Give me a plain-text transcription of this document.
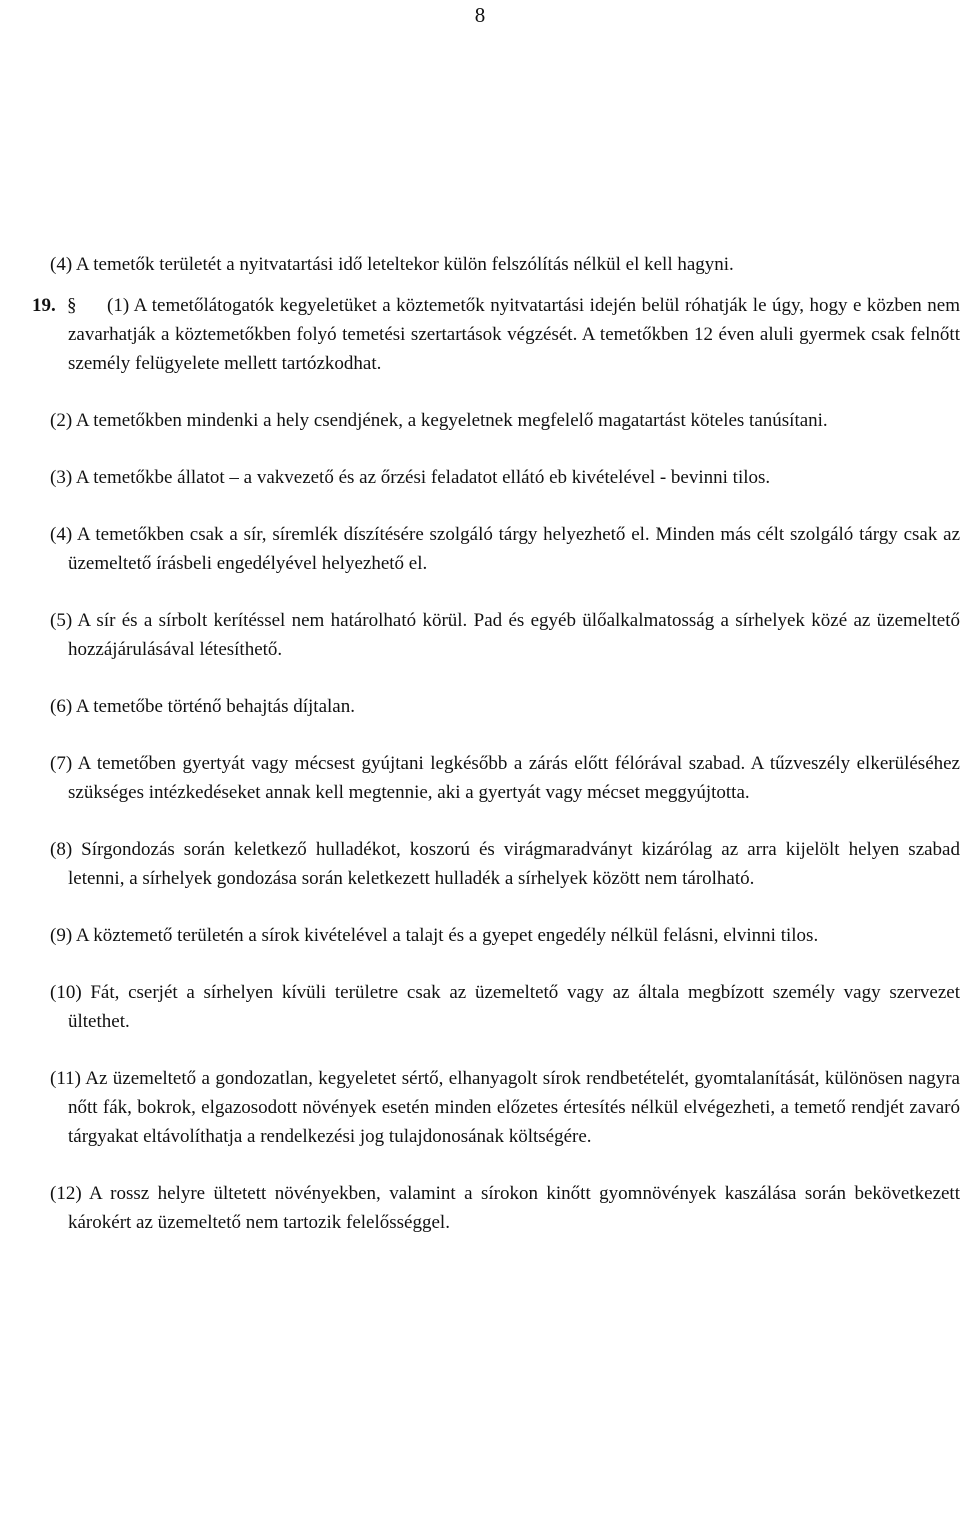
8

(4) A temetők területét a nyitvatartási idő leteltekor külön felszólítás nélkül el kell hagyni.

19. § (1) A temetőlátogatók kegyeletüket a köztemetők nyitvatartási idején belül róhatják le úgy, hogy e közben nem zavarhatják a köztemetőkben folyó temetési szertartások végzését. A temetőkben 12 éven aluli gyermek csak felnőtt személy felügyelete mellett tartózkodhat.

(2) A temetőkben mindenki a hely csendjének, a kegyeletnek megfelelő magatartást köteles tanúsítani.

(3) A temetőkbe állatot – a vakvezető és az őrzési feladatot ellátó eb kivételével - bevinni tilos.

(4) A temetőkben csak a sír, síremlék díszítésére szolgáló tárgy helyezhető el. Minden más célt szolgáló tárgy csak az üzemeltető írásbeli engedélyével helyezhető el.

(5) A sír és a sírbolt kerítéssel nem határolható körül. Pad és egyéb ülőalkalmatosság a sírhelyek közé az üzemeltető hozzájárulásával létesíthető.

(6) A temetőbe történő behajtás díjtalan.

(7) A temetőben gyertyát vagy mécsest gyújtani legkésőbb a zárás előtt félórával szabad. A tűzveszély elkerüléséhez szükséges intézkedéseket annak kell megtennie, aki a gyertyát vagy mécset meggyújtotta.

(8) Sírgondozás során keletkező hulladékot, koszorú és virágmaradványt kizárólag az arra kijelölt helyen szabad letenni, a sírhelyek gondozása során keletkezett hulladék a sírhelyek között nem tárolható.

(9) A köztemető területén a sírok kivételével a talajt és a gyepet engedély nélkül felásni, elvinni tilos.

(10) Fát, cserjét a sírhelyen kívüli területre csak az üzemeltető vagy az általa megbízott személy vagy szervezet ültethet.

(11) Az üzemeltető a gondozatlan, kegyeletet sértő, elhanyagolt sírok rendbetételét, gyomtalanítását, különösen nagyra nőtt fák, bokrok, elgazosodott növények esetén minden előzetes értesítés nélkül elvégezheti, a temető rendjét zavaró tárgyakat eltávolíthatja a rendelkezési jog tulajdonosának költségére.

(12) A rossz helyre ültetett növényekben, valamint a sírokon kinőtt gyomnövények kaszálása során bekövetkezett károkért az üzemeltető nem tartozik felelősséggel.
